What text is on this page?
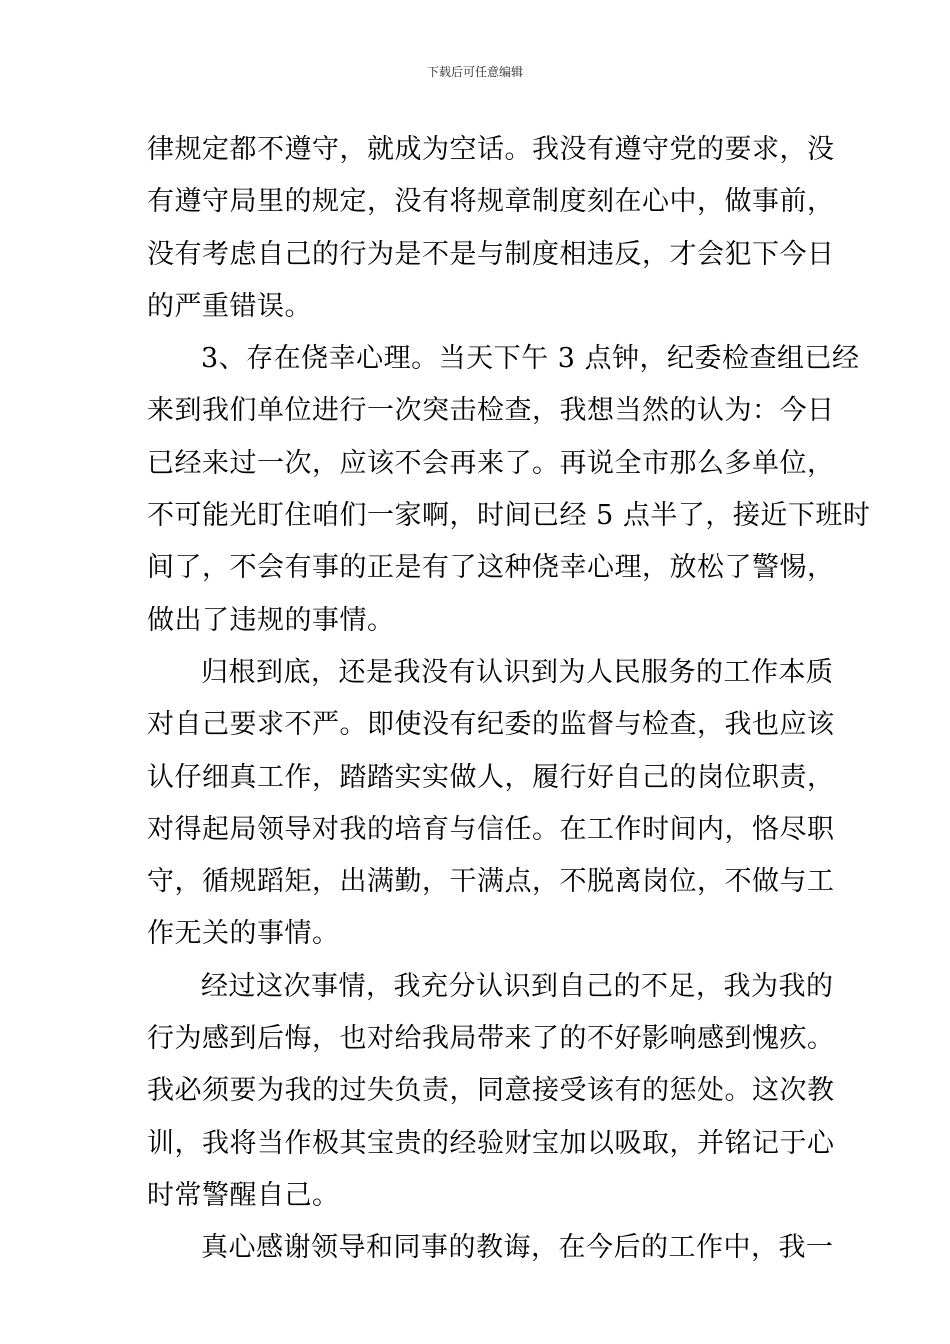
下载后可任意编辑
律规定都不遵守，就成为空话。我没有遵守党的要求，没
有遵守局里的规定，没有将规章制度刻在心中，做事前，
没有考虑自己的行为是不是与制度相违反，才会犯下今日
的严重错误。
3、存在侥幸心理。当天下午 3 点钟，纪委检查组已经
来到我们单位进行一次突击检查，我想当然的认为：今日
已经来过一次，应该不会再来了。再说全市那么多单位，
不可能光盯住咱们一家啊，时间已经 5 点半了，接近下班时
间了，不会有事的正是有了这种侥幸心理，放松了警惕，
做出了违规的事情。
归根到底，还是我没有认识到为人民服务的工作本质
对自己要求不严。即使没有纪委的监督与检查，我也应该
认仔细真工作，踏踏实实做人，履行好自己的岗位职责，
对得起局领导对我的培育与信任。在工作时间内，恪尽职
守，循规蹈矩，出满勤，干满点，不脱离岗位，不做与工
作无关的事情。
经过这次事情，我充分认识到自己的不足，我为我的
行为感到后悔，也对给我局带来了的不好影响感到愧疚。
我必须要为我的过失负责，同意接受该有的惩处。这次教
训，我将当作极其宝贵的经验财宝加以吸取，并铭记于心
时常警醒自己。
真心感谢领导和同事的教诲，在今后的工作中，我一
